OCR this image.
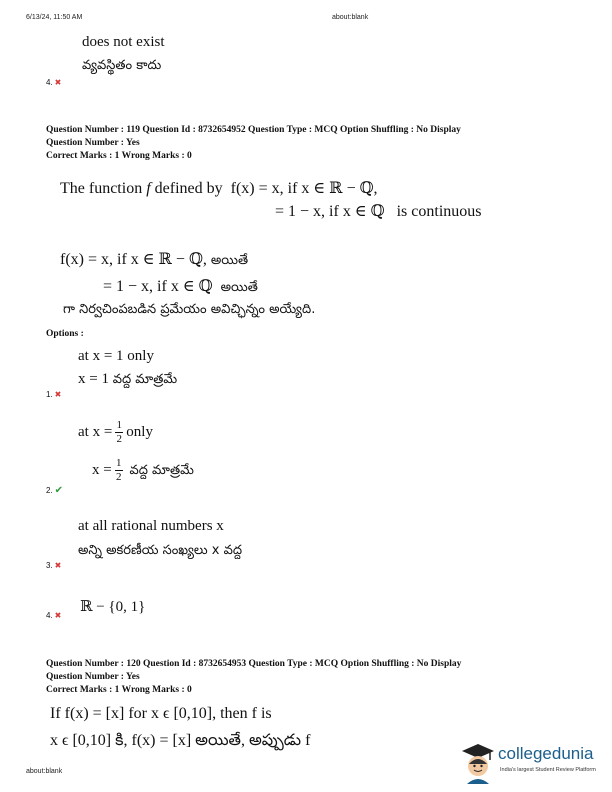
6/13/24, 11:50 AM	about:blank
does not exist
వ్యవస్థితం కాదు
4. ✖
Question Number : 119 Question Id : 8732654952 Question Type : MCQ Option Shuffling : No Display
Question Number : Yes
Correct Marks : 1 Wrong Marks : 0
The function f defined by f(x) = x, if x ∈ ℝ − ℚ,
= 1 − x, if x ∈ ℚ is continuous
f(x) = x, if x ∈ ℝ − ℚ, అయితే
= 1 − x, if x ∈ ℚ అయితే
గా నిర్వచింపబడిన ప్రమేయం అవిచ్ఛిన్నం అయ్యేది.
Options :
at x = 1 only
x = 1 వద్ద మాత్రమే
1. ✖
at $x = \frac{1}{2}$ only
$x = \frac{1}{2}$ వద్ద మాత్రమే
2. ✔
at all rational numbers x
అన్ని అకరణీయ సంఖ్యలు x వద్ద
3. ✖
ℝ − {0, 1}
4. ✖
Question Number : 120 Question Id : 8732654953 Question Type : MCQ Option Shuffling : No Display
Question Number : Yes
Correct Marks : 1 Wrong Marks : 0
If f(x) = [x] for x ϵ [0,10], then f is
x ϵ [0,10] కి, f(x) = [x] అయితే, అప్పుడు f
about:blank
collegedunia
India's largest Student Review Platform
